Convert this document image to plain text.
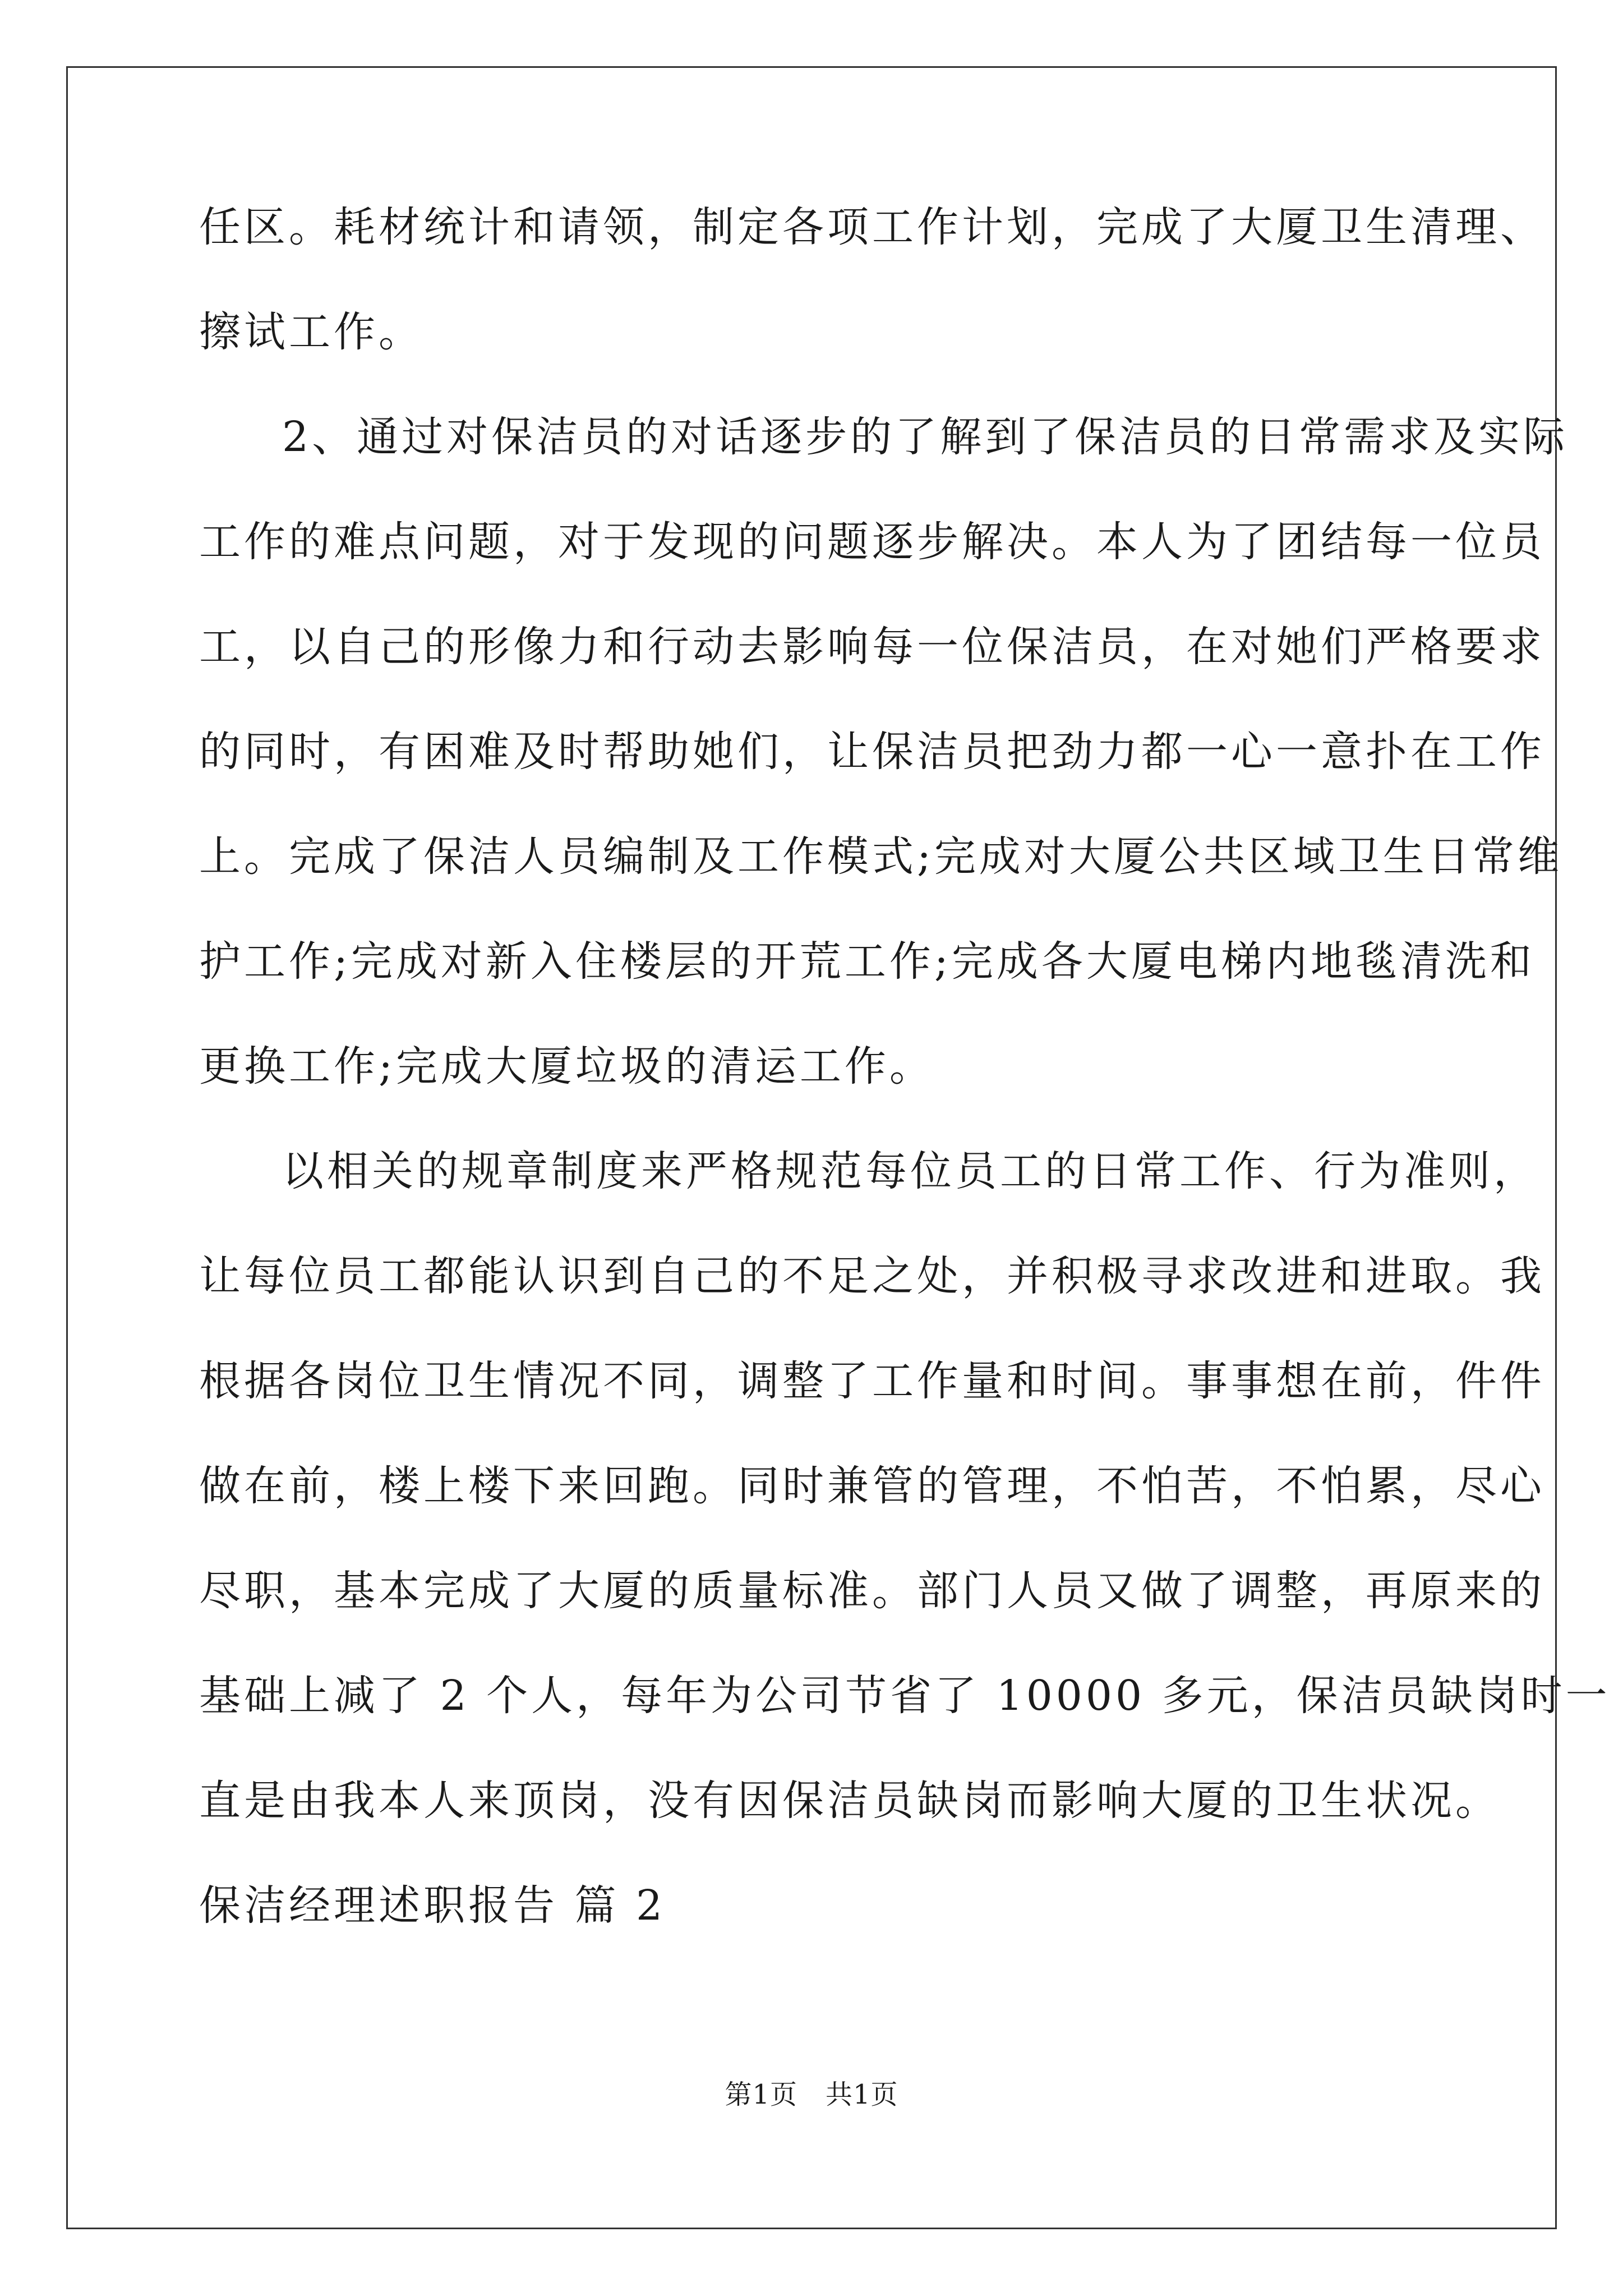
任区。耗材统计和请领，制定各项工作计划，完成了大厦卫生清理、
擦试工作。
2、通过对保洁员的对话逐步的了解到了保洁员的日常需求及实际
工作的难点问题，对于发现的问题逐步解决。本人为了团结每一位员
工，以自己的形像力和行动去影响每一位保洁员，在对她们严格要求
的同时，有困难及时帮助她们，让保洁员把劲力都一心一意扑在工作
上。完成了保洁人员编制及工作模式;完成对大厦公共区域卫生日常维
护工作;完成对新入住楼层的开荒工作;完成各大厦电梯内地毯清洗和
更换工作;完成大厦垃圾的清运工作。
以相关的规章制度来严格规范每位员工的日常工作、行为准则，
让每位员工都能认识到自己的不足之处，并积极寻求改进和进取。我
根据各岗位卫生情况不同，调整了工作量和时间。事事想在前，件件
做在前，楼上楼下来回跑。同时兼管的管理，不怕苦，不怕累，尽心
尽职，基本完成了大厦的质量标准。部门人员又做了调整，再原来的
基础上减了 2 个人，每年为公司节省了 10000 多元，保洁员缺岗时一
直是由我本人来顶岗，没有因保洁员缺岗而影响大厦的卫生状况。
保洁经理述职报告 篇 2
第1页 共1页
